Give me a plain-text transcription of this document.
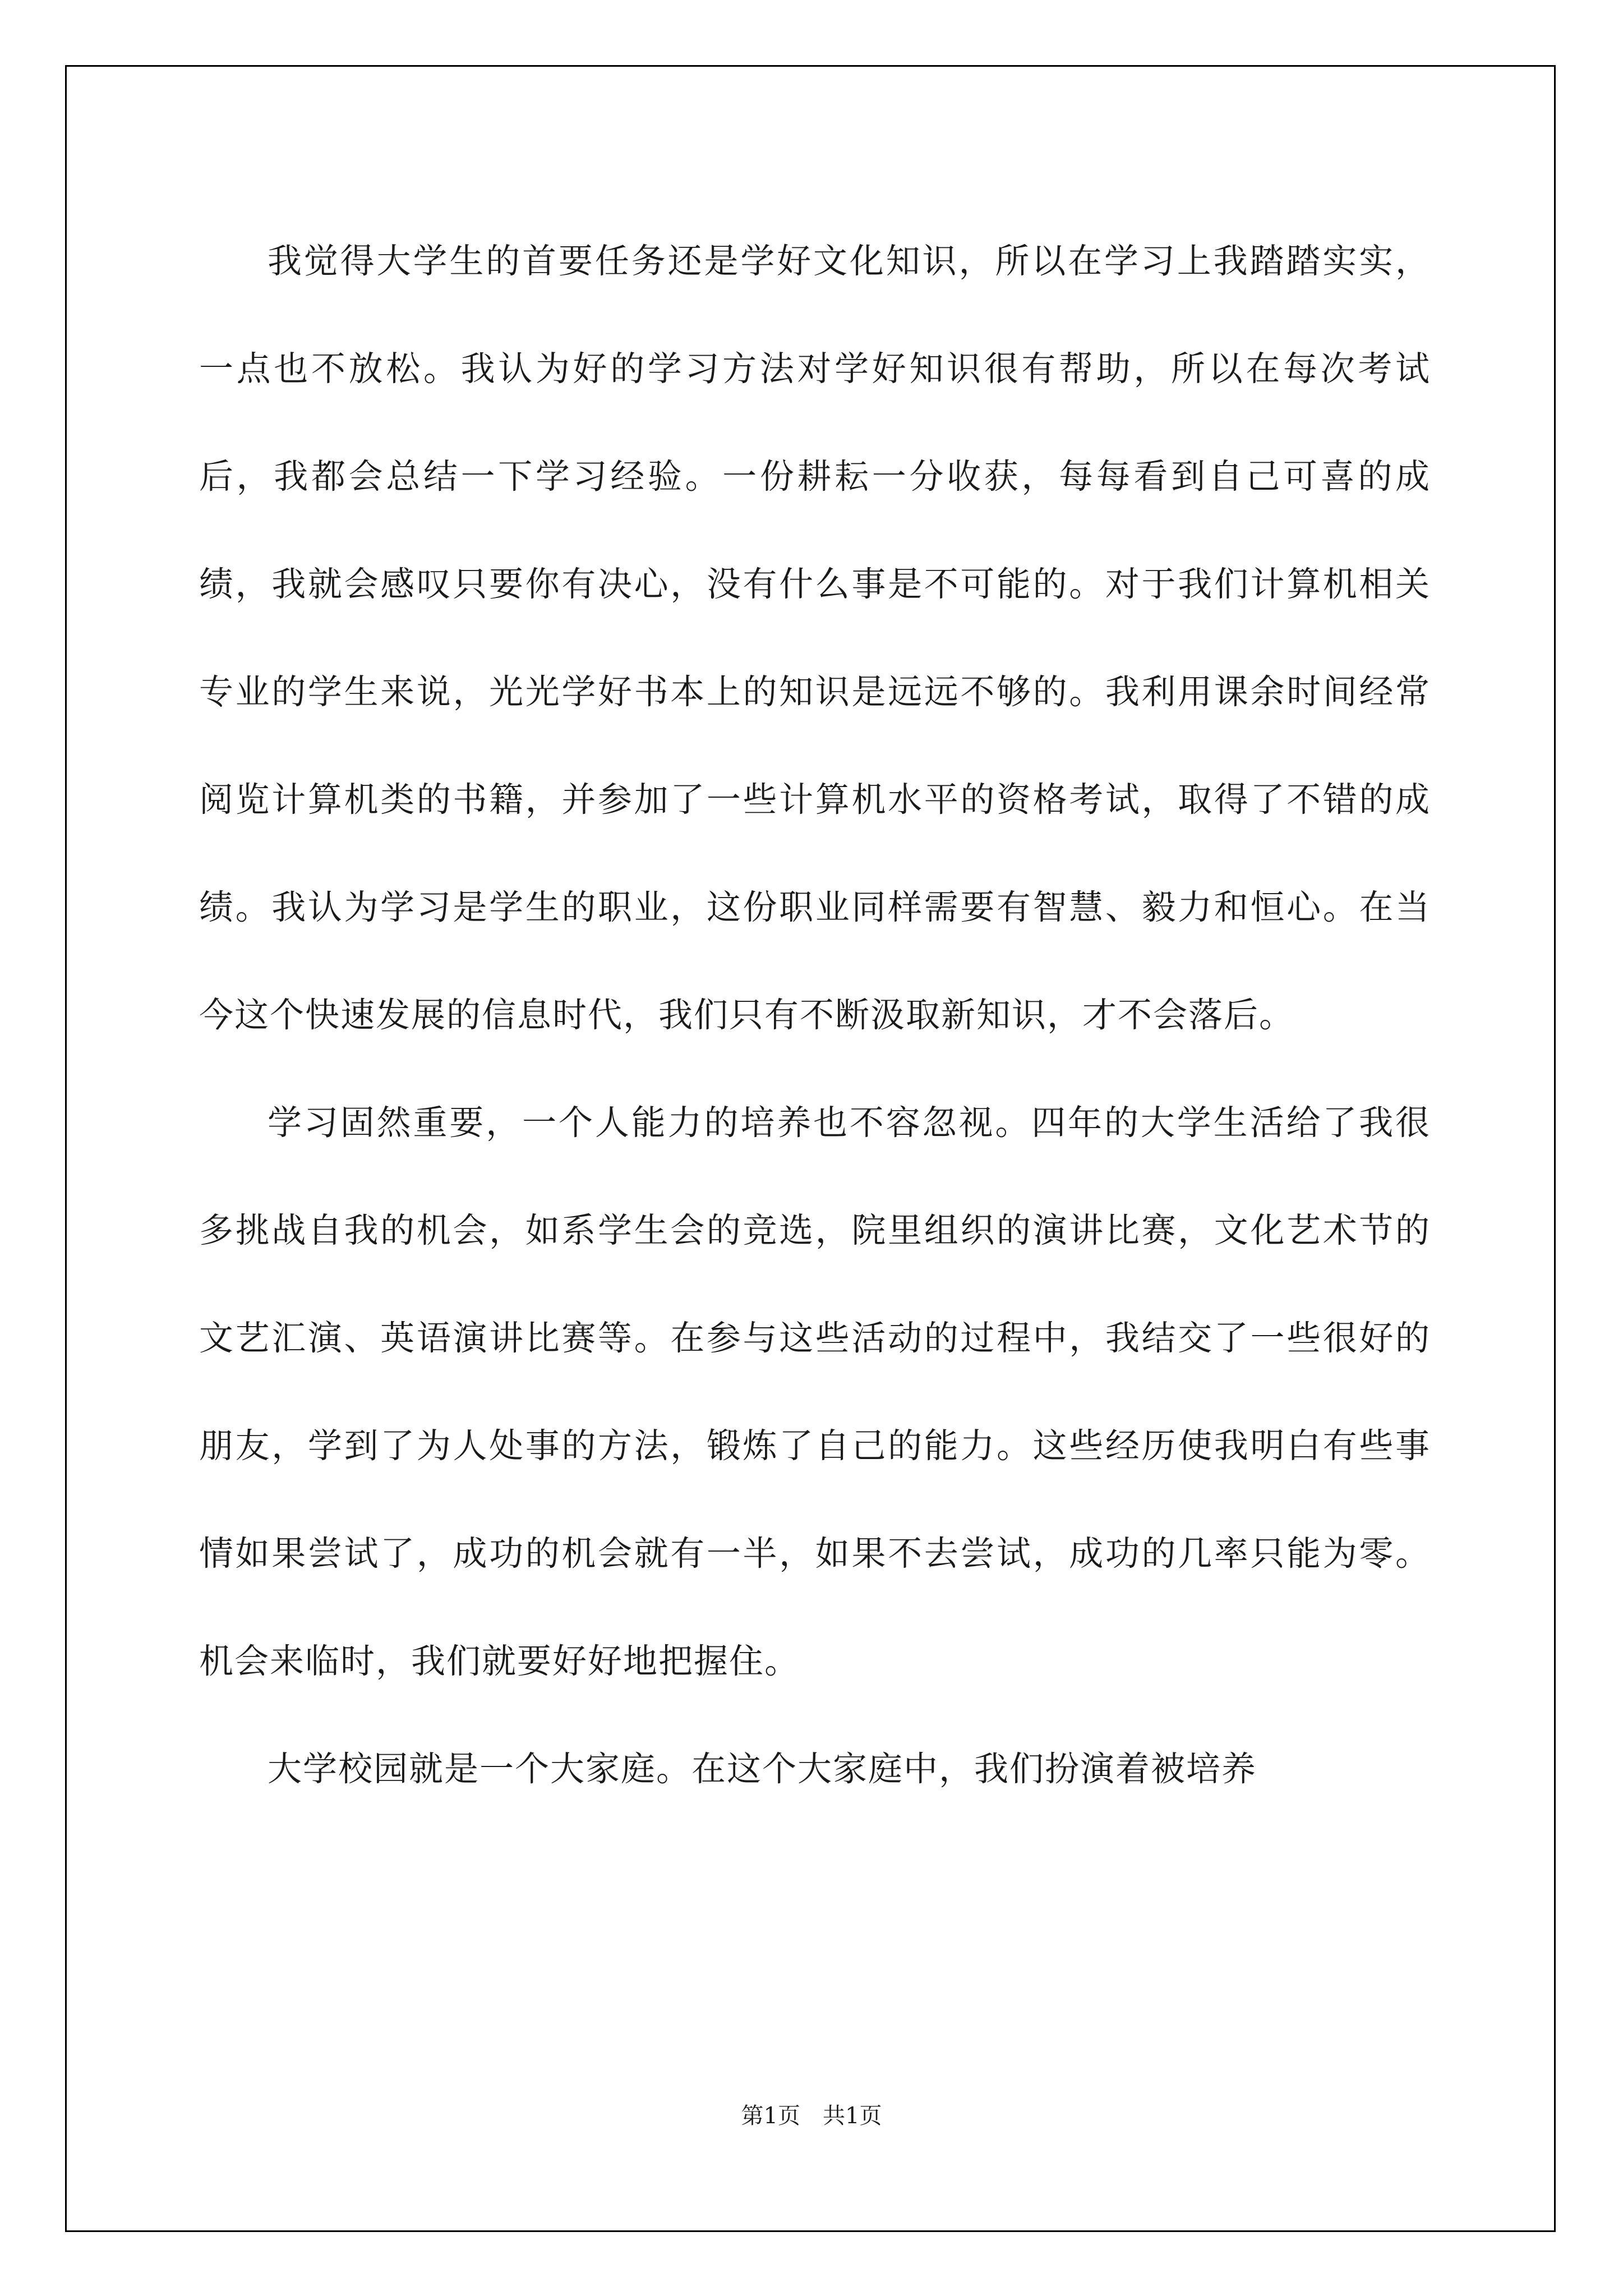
我觉得大学生的首要任务还是学好文化知识，所以在学习上我踏踏实实，一点也不放松。我认为好的学习方法对学好知识很有帮助，所以在每次考试后，我都会总结一下学习经验。一份耕耘一分收获，每每看到自己可喜的成绩，我就会感叹只要你有决心，没有什么事是不可能的。对于我们计算机相关专业的学生来说，光光学好书本上的知识是远远不够的。我利用课余时间经常阅览计算机类的书籍，并参加了一些计算机水平的资格考试，取得了不错的成绩。我认为学习是学生的职业，这份职业同样需要有智慧、毅力和恒心。在当今这个快速发展的信息时代，我们只有不断汲取新知识，才不会落后。

学习固然重要，一个人能力的培养也不容忽视。四年的大学生活给了我很多挑战自我的机会，如系学生会的竞选，院里组织的演讲比赛，文化艺术节的文艺汇演、英语演讲比赛等。在参与这些活动的过程中，我结交了一些很好的朋友，学到了为人处事的方法，锻炼了自己的能力。这些经历使我明白有些事情如果尝试了，成功的机会就有一半，如果不去尝试，成功的几率只能为零。机会来临时，我们就要好好地把握住。

大学校园就是一个大家庭。在这个大家庭中，我们扮演着被培养

第1页 共1页
